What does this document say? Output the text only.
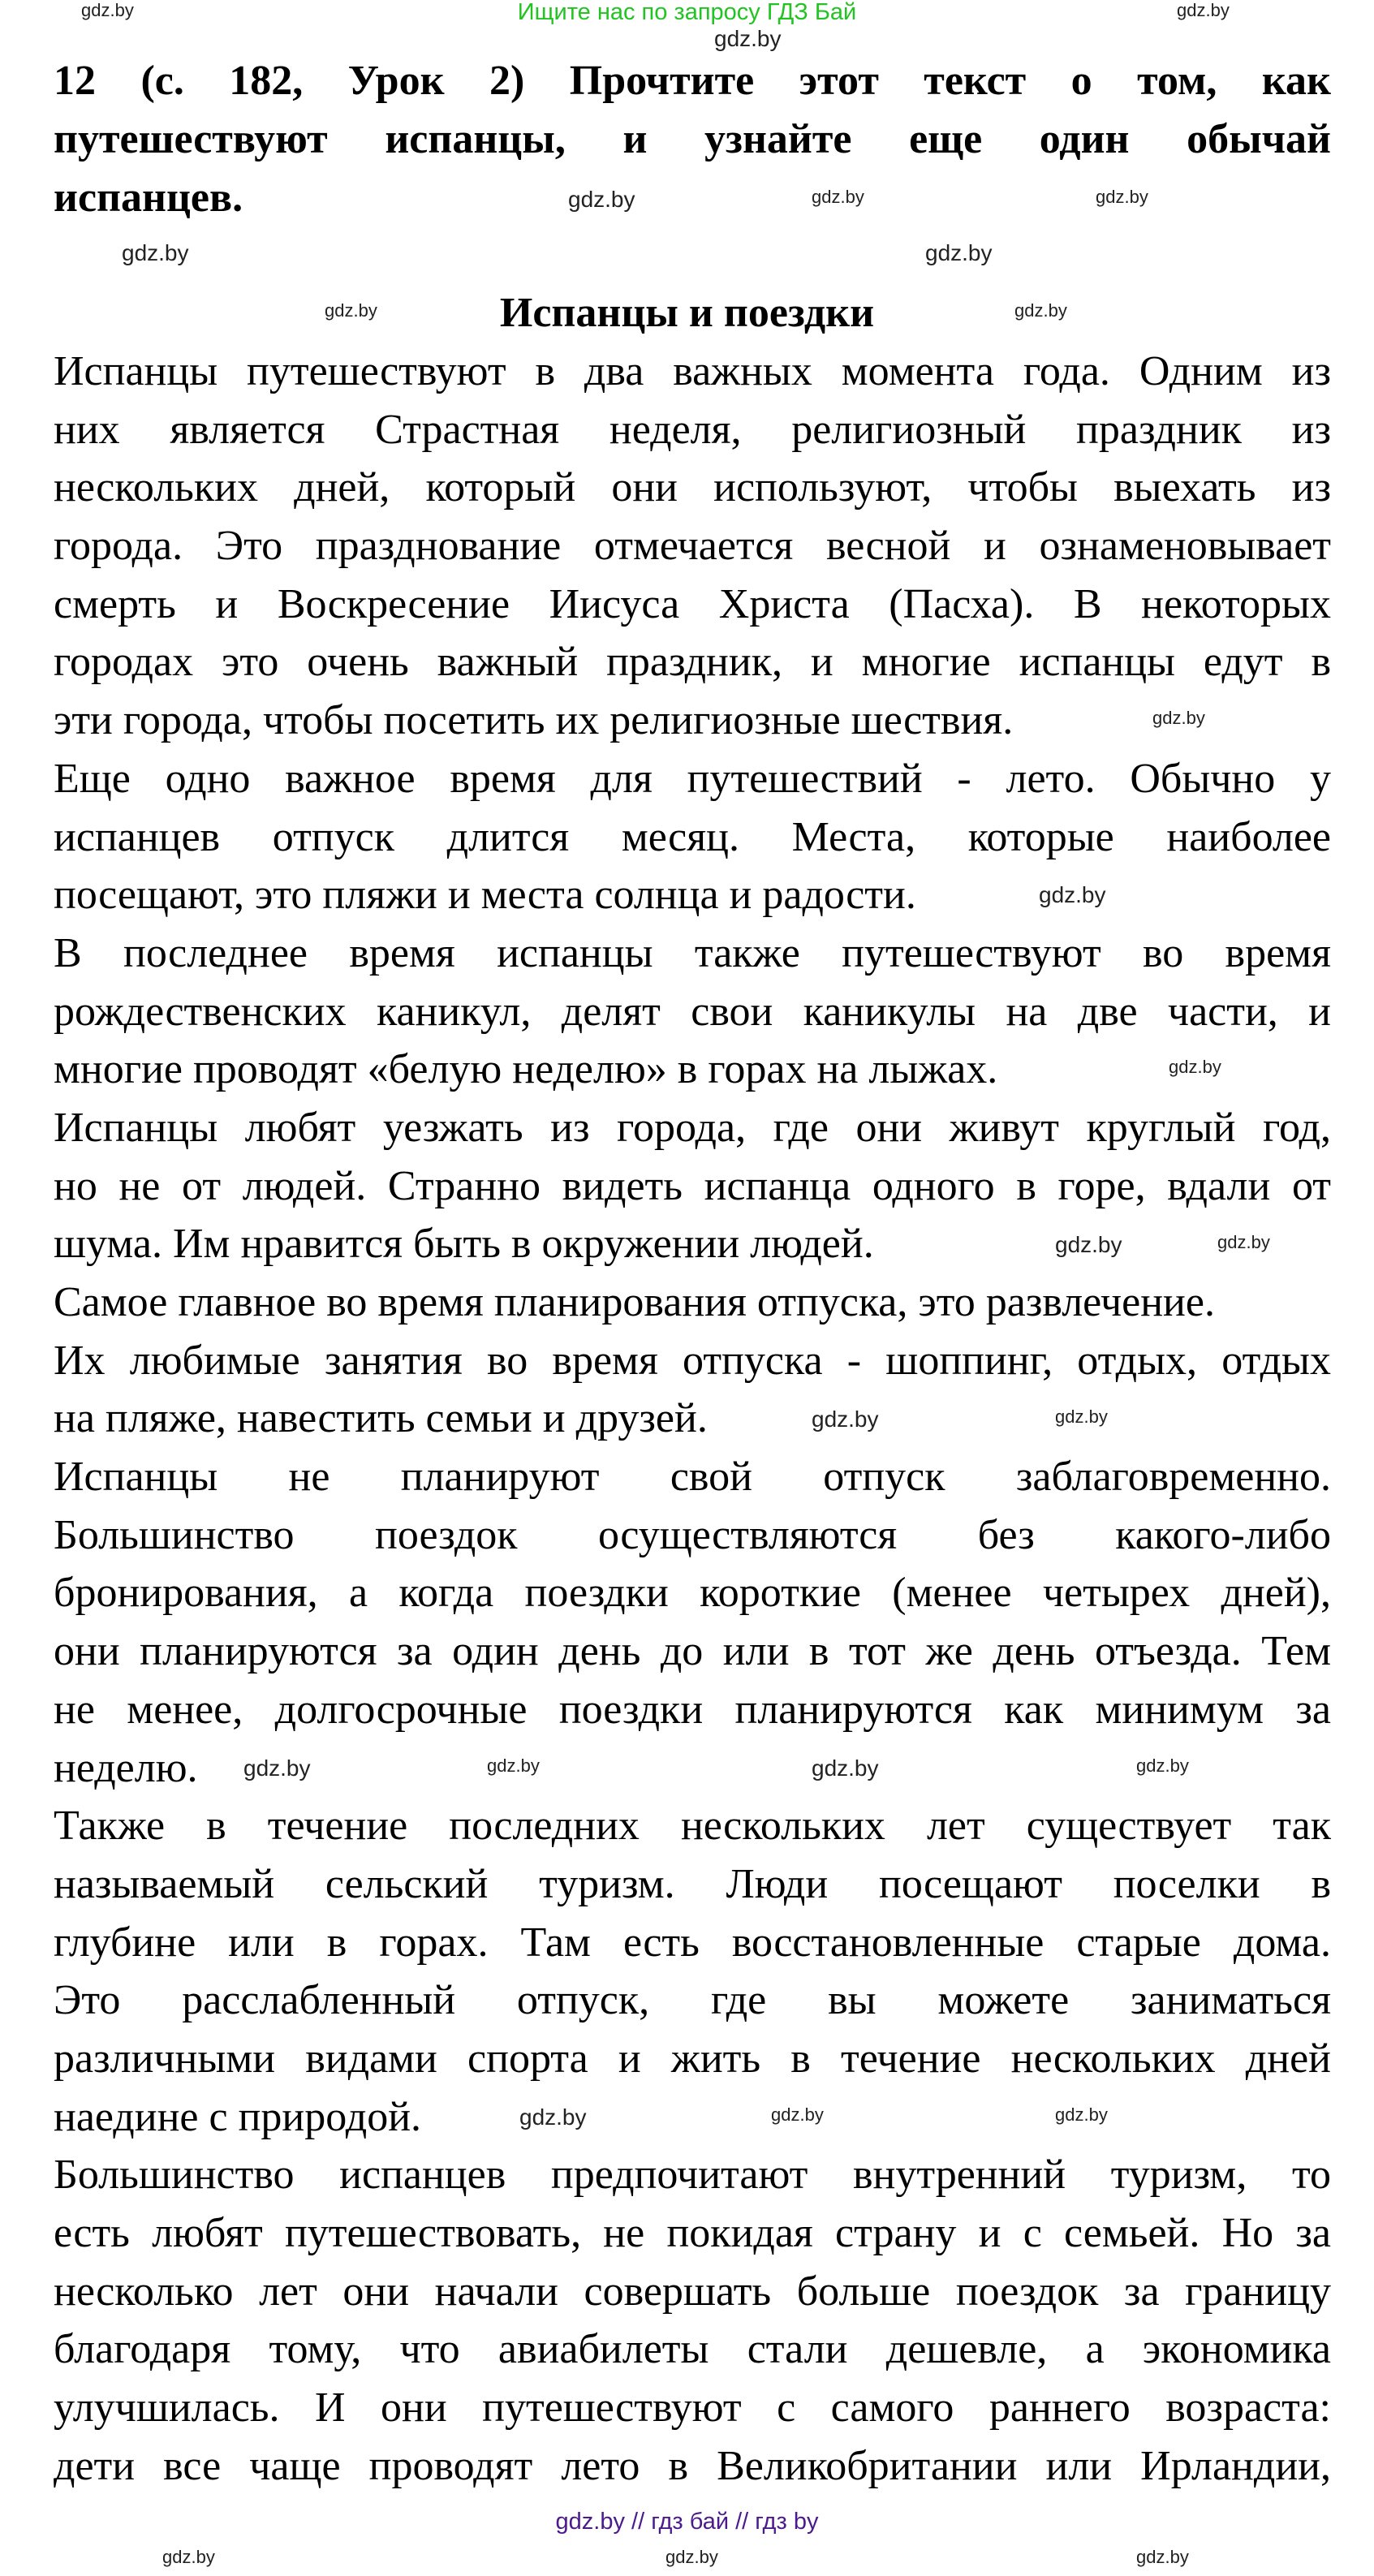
Ищите нас по запросу ГДЗ Бай
12 (с. 182, Урок 2) Прочтите этот текст о том, как
путешествуют испанцы, и узнайте еще один обычай
испанцев.
Испанцы и поездки
Испанцы путешествуют в два важных момента года. Одним из
них является Страстная неделя, религиозный праздник из
нескольких дней, который они используют, чтобы выехать из
города. Это празднование отмечается весной и ознаменовывает
смерть и Воскресение Иисуса Христа (Пасха). В некоторых
городах это очень важный праздник, и многие испанцы едут в
эти города, чтобы посетить их религиозные шествия.
Еще одно важное время для путешествий - лето. Обычно у
испанцев отпуск длится месяц. Места, которые наиболее
посещают, это пляжи и места солнца и радости.
В последнее время испанцы также путешествуют во время
рождественских каникул, делят свои каникулы на две части, и
многие проводят «белую неделю» в горах на лыжах.
Испанцы любят уезжать из города, где они живут круглый год,
но не от людей. Странно видеть испанца одного в горе, вдали от
шума. Им нравится быть в окружении людей.
Самое главное во время планирования отпуска, это развлечение.
Их любимые занятия во время отпуска - шоппинг, отдых, отдых
на пляже, навестить семьи и друзей.
Испанцы не планируют свой отпуск заблаговременно.
Большинство поездок осуществляются без какого-либо
бронирования, а когда поездки короткие (менее четырех дней),
они планируются за один день до или в тот же день отъезда. Тем
не менее, долгосрочные поездки планируются как минимум за
неделю.
Также в течение последних нескольких лет существует так
называемый сельский туризм. Люди посещают поселки в
глубине или в горах. Там есть восстановленные старые дома.
Это расслабленный отпуск, где вы можете заниматься
различными видами спорта и жить в течение нескольких дней
наедине с природой.
Большинство испанцев предпочитают внутренний туризм, то
есть любят путешествовать, не покидая страну и с семьей. Но за
несколько лет они начали совершать больше поездок за границу
благодаря тому, что авиабилеты стали дешевле, а экономика
улучшилась. И они путешествуют с самого раннего возраста:
дети все чаще проводят лето в Великобритании или Ирландии,
gdz.by	gdz.by
gdz.by
gdz.by	gdz.by	gdz.by
gdz.by	gdz.by
gdz.by	gdz.by
gdz.by
gdz.by
gdz.by
gdz.by	gdz.by
gdz.by	gdz.by
gdz.by	gdz.by	gdz.by	gdz.by
gdz.by	gdz.by	gdz.by
gdz.by	gdz.by	gdz.by
gdz.by // гдз бай // гдз by
